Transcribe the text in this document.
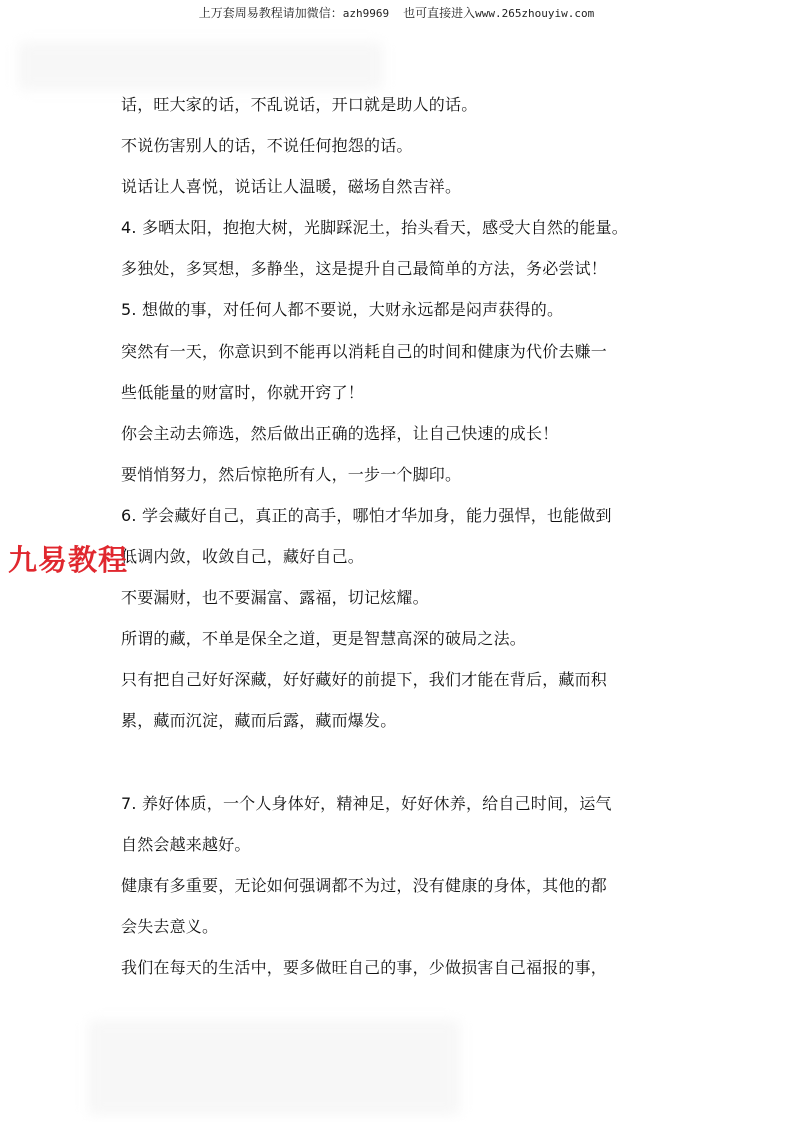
上万套周易教程请加微信：azh9969 也可直接进入www.265zhouyiw.com
话，旺大家的话，不乱说话，开口就是助人的话。
不说伤害别人的话，不说任何抱怨的话。
说话让人喜悦，说话让人温暖，磁场自然吉祥。
4. 多晒太阳，抱抱大树，光脚踩泥土，抬头看天，感受大自然的能量。
多独处，多冥想，多静坐，这是提升自己最简单的方法，务必尝试！
5. 想做的事，对任何人都不要说，大财永远都是闷声获得的。
突然有一天，你意识到不能再以消耗自己的时间和健康为代价去赚一
些低能量的财富时，你就开窍了！
你会主动去筛选，然后做出正确的选择，让自己快速的成长！
要悄悄努力，然后惊艳所有人，一步一个脚印。
6. 学会藏好自己，真正的高手，哪怕才华加身，能力强悍，也能做到
低调内敛，收敛自己，藏好自己。
不要漏财，也不要漏富、露福，切记炫耀。
所谓的藏，不单是保全之道，更是智慧高深的破局之法。
只有把自己好好深藏，好好藏好的前提下，我们才能在背后，藏而积
累，藏而沉淀，藏而后露，藏而爆发。
7. 养好体质，一个人身体好，精神足，好好休养，给自己时间，运气
自然会越来越好。
健康有多重要，无论如何强调都不为过，没有健康的身体，其他的都
会失去意义。
我们在每天的生活中，要多做旺自己的事，少做损害自己福报的事，
九易教程
